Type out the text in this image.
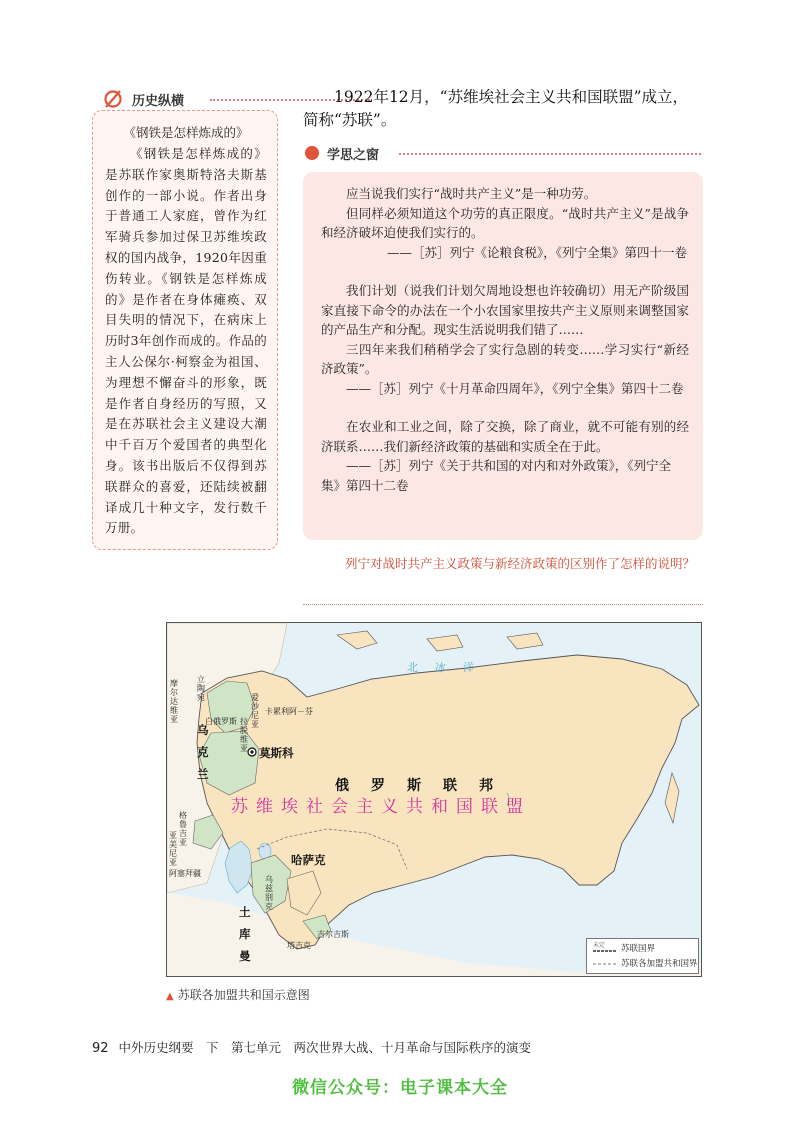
历史纵横
《钢铁是怎样炼成的》

《钢铁是怎样炼成的》是苏联作家奥斯特洛夫斯基创作的一部小说。作者出身于普通工人家庭，曾作为红军骑兵参加过保卫苏维埃政权的国内战争，1920年因重伤转业。《钢铁是怎样炼成的》是作者在身体瘫痪、双目失明的情况下，在病床上历时3年创作而成的。作品的主人公保尔·柯察金为祖国、为理想不懈奋斗的形象，既是作者自身经历的写照，又是在苏联社会主义建设大潮中千百万个爱国者的典型化身。该书出版后不仅得到苏联群众的喜爱，还陆续被翻译成几十种文字，发行数千万册。

1922年12月，“苏维埃社会主义共和国联盟”成立，简称“苏联”。

学思之窗

应当说我们实行“战时共产主义”是一种功劳。

但同样必须知道这个功劳的真正限度。“战时共产主义”是战争和经济破坏迫使我们实行的。

——［苏］列宁《论粮食税》，《列宁全集》第四十一卷

我们计划（说我们计划欠周地设想也许较确切）用无产阶级国家直接下命令的办法在一个小农国家里按共产主义原则来调整国家的产品生产和分配。现实生活说明我们错了……

三四年来我们稍稍学会了实行急剧的转变……学习实行“新经济政策”。

——［苏］列宁《十月革命四周年》，《列宁全集》第四十二卷

在农业和工业之间，除了交换，除了商业，就不可能有别的经济联系……我们新经济政策的基础和实质全在于此。

——［苏］列宁《关于共和国的对内和对外政策》，《列宁全集》第四十二卷

列宁对战时共产主义政策与新经济政策的区别作了怎样的说明？

北　冰　洋
俄罗斯联邦
苏维埃社会主义共和国联盟
莫斯科
乌克兰
哈萨克
土库曼
白俄罗斯
立陶宛
拉脱维亚
爱沙尼亚
卡累利阿－芬
摩尔达维亚
格鲁吉亚
亚美尼亚
阿塞拜疆
乌兹别克
吉尔吉斯
塔吉克	未定 苏联国界
苏联各加盟共和国界
▲ 苏联各加盟共和国示意图
92 中外历史纲要　下　第七单元　两次世界大战、十月革命与国际秩序的演变
微信公众号：电子课本大全
